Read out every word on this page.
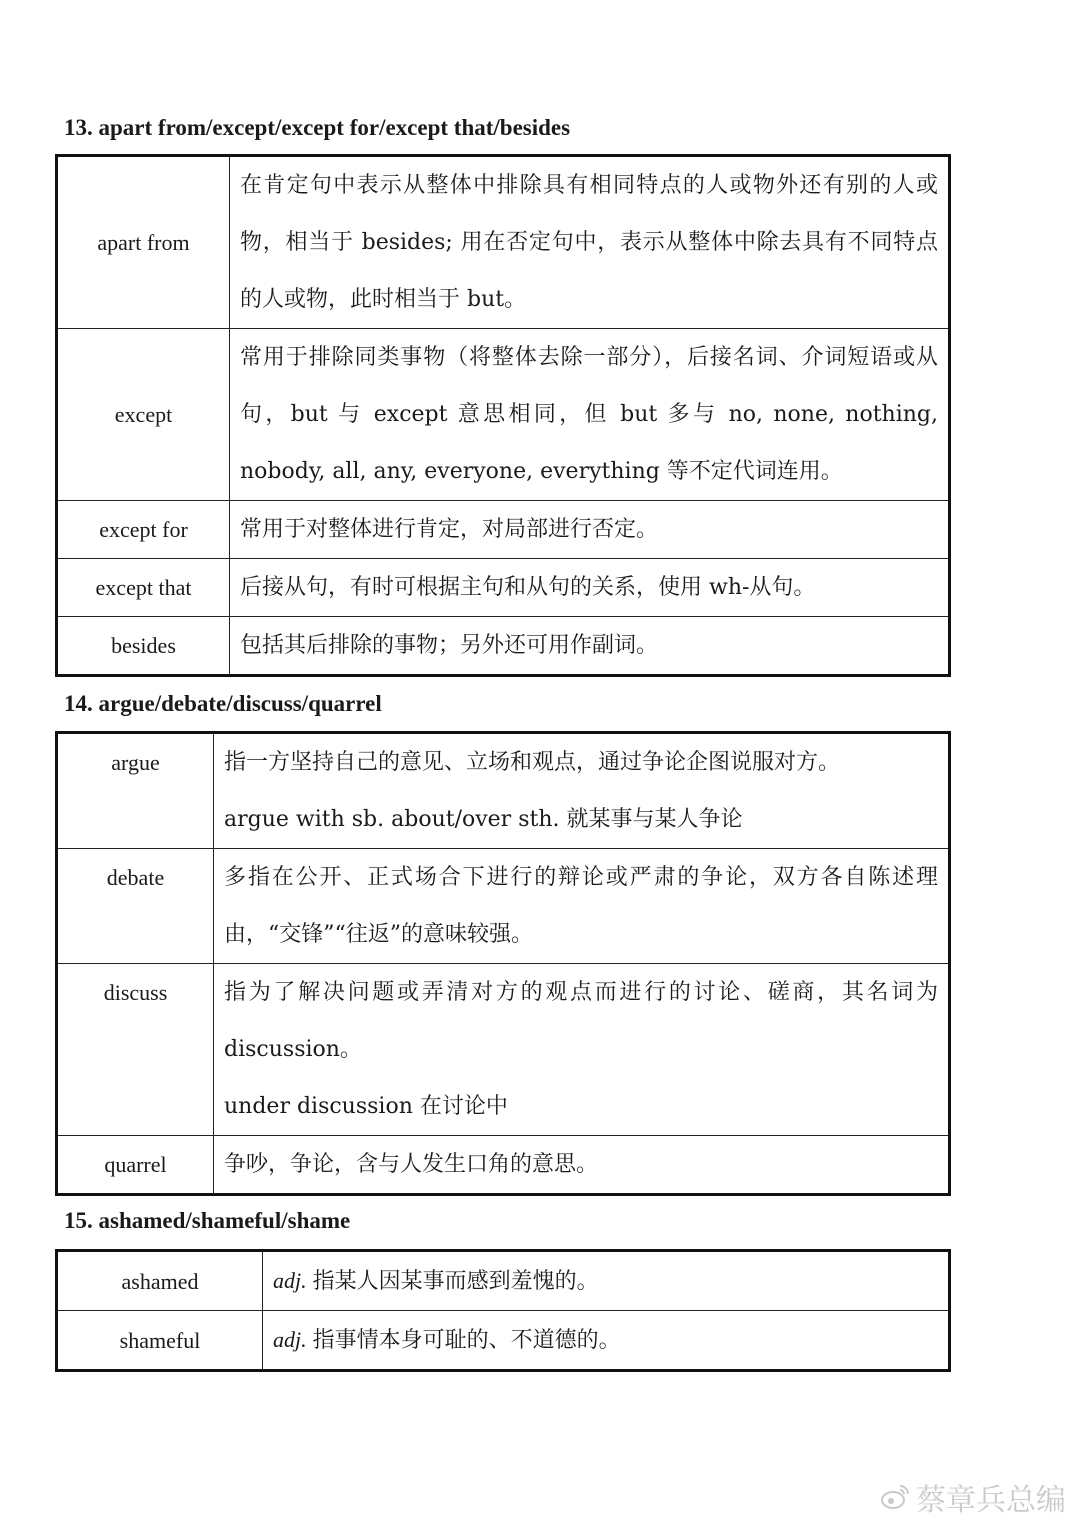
13. apart from/except/except for/except that/besides
apart from	在肯定句中表示从整体中排除具有相同特点的人或物外还有别的人或物，相当于 besides; 用在否定句中，表示从整体中除去具有不同特点的人或物，此时相当于 but。
except	常用于排除同类事物（将整体去除一部分），后接名词、介词短语或从句，but 与 except 意思相同，但 but 多与 no, none, nothing, nobody, all, any, everyone, everything 等不定代词连用。
except for	常用于对整体进行肯定，对局部进行否定。
except that	后接从句，有时可根据主句和从句的关系，使用 wh-从句。
besides	包括其后排除的事物；另外还可用作副词。
14. argue/debate/discuss/quarrel
argue	指一方坚持自己的意见、立场和观点，通过争论企图说服对方。
argue with sb. about/over sth. 就某事与某人争论

debate	多指在公开、正式场合下进行的辩论或严肃的争论，双方各自陈述理由，“交锋”“往返”的意味较强。
discuss	指为了解决问题或弄清对方的观点而进行的讨论、磋商，其名词为 discussion。
under discussion 在讨论中

quarrel	争吵，争论，含与人发生口角的意思。
15. ashamed/shameful/shame
ashamed	adj. 指某人因某事而感到羞愧的。
shameful	adj. 指事情本身可耻的、不道德的。
蔡章兵总编
